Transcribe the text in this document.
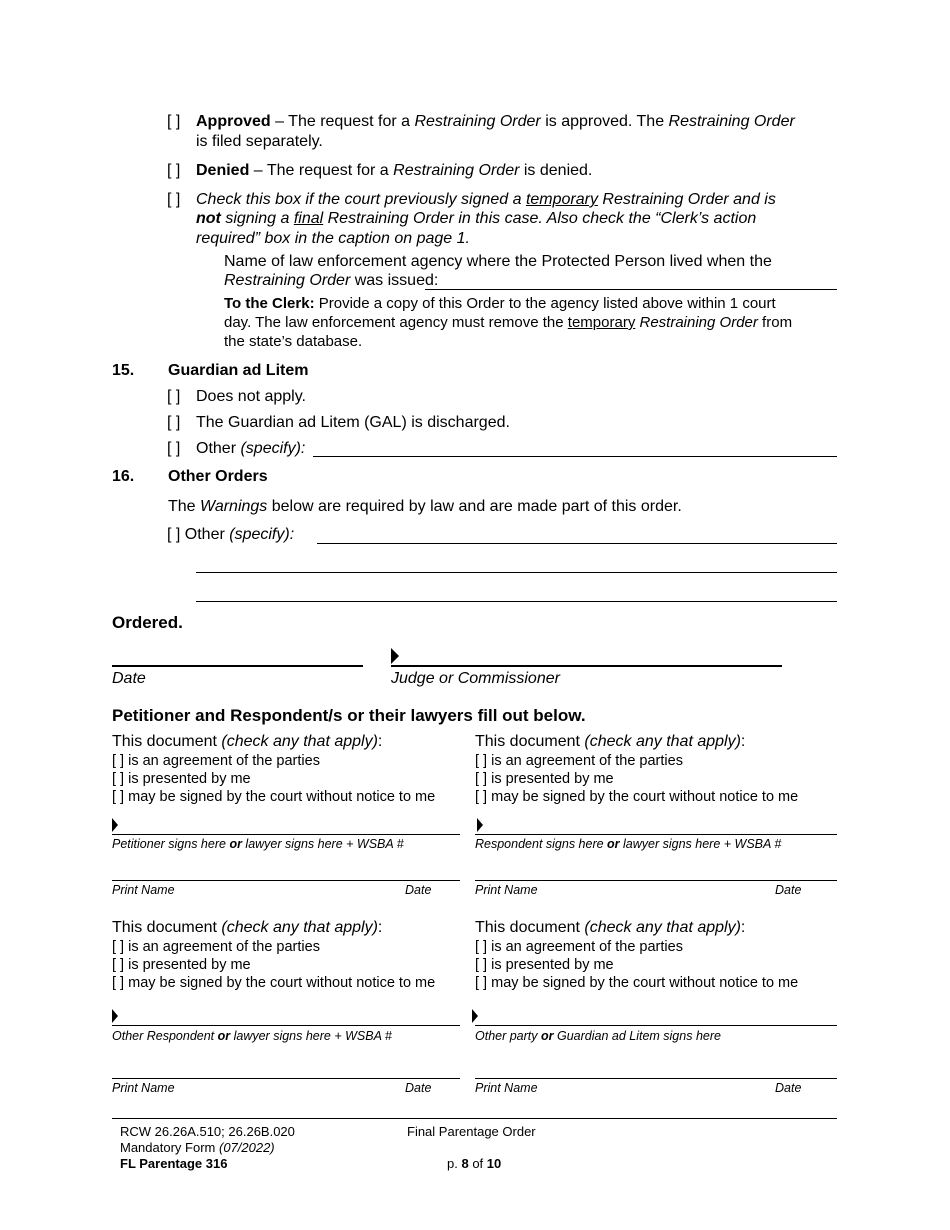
[ ] Approved – The request for a Restraining Order is approved. The Restraining Order
is filed separately.
[ ] Denied – The request for a Restraining Order is denied.
[ ] Check this box if the court previously signed a temporary Restraining Order and is
not signing a final Restraining Order in this case. Also check the “Clerk’s action
required” box in the caption on page 1.
Name of law enforcement agency where the Protected Person lived when the
Restraining Order was issued:
To the Clerk: Provide a copy of this Order to the agency listed above within 1 court
day. The law enforcement agency must remove the temporary Restraining Order from
the state’s database.
15. Guardian ad Litem
[ ] Does not apply.
[ ] The Guardian ad Litem (GAL) is discharged.
[ ] Other (specify):
16. Other Orders
The Warnings below are required by law and are made part of this order.
[ ] Other (specify):
Ordered.
Date	Judge or Commissioner
Petitioner and Respondent/s or their lawyers fill out below.
This document (check any that apply):
[ ] is an agreement of the parties
[ ] is presented by me
[ ] may be signed by the court without notice to me
Petitioner signs here or lawyer signs here + WSBA #
Print Name	Date
This document (check any that apply):
[ ] is an agreement of the parties
[ ] is presented by me
[ ] may be signed by the court without notice to me
Respondent signs here or lawyer signs here + WSBA #
Print Name	Date
This document (check any that apply):
[ ] is an agreement of the parties
[ ] is presented by me
[ ] may be signed by the court without notice to me
Other Respondent or lawyer signs here + WSBA #
Print Name	Date
This document (check any that apply):
[ ] is an agreement of the parties
[ ] is presented by me
[ ] may be signed by the court without notice to me
Other party or Guardian ad Litem signs here
Print Name	Date
RCW 26.26A.510; 26.26B.020
Mandatory Form (07/2022)
FL Parentage 316
Final Parentage Order
p. 8 of 10
